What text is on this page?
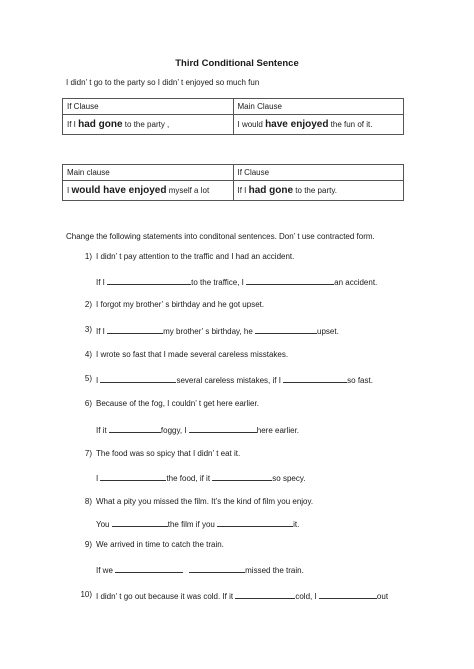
Third Conditional Sentence
I didn’ t go to the party so I didn’ t enjoyed so much fun
If Clause	Main Clause
If I had gone to the party ,	I would have enjoyed the fun of it.
Main clause	If Clause
I would have enjoyed myself a lot	If I had gone to the party.
Change the following statements into conditonal sentences. Don’ t use contracted form.
1) I didn’ t pay attention to the traffic and I had an accident.
If I	to the traffice, I	an accident.
2) I forgot my brother’ s birthday and he got upset.
3) If I	my brother’ s birthday, he	upset.
4) I wrote so fast that I made several careless misstakes.
5) I	several careless mistakes, if I	so fast.
6) Because of the fog, I couldn’ t get here earlier.
If it	foggy, I	here earlier.
7) The food was so spicy that I didn’ t eat it.
I	the food, if it	so specy.
8) What a pity you missed the film. It’s the kind of film you enjoy.
You	the film if you	it.
9) We arrived in time to catch the train.
If we	missed the train.
10) I didn’ t go out because it was cold. If it	cold, I	out
